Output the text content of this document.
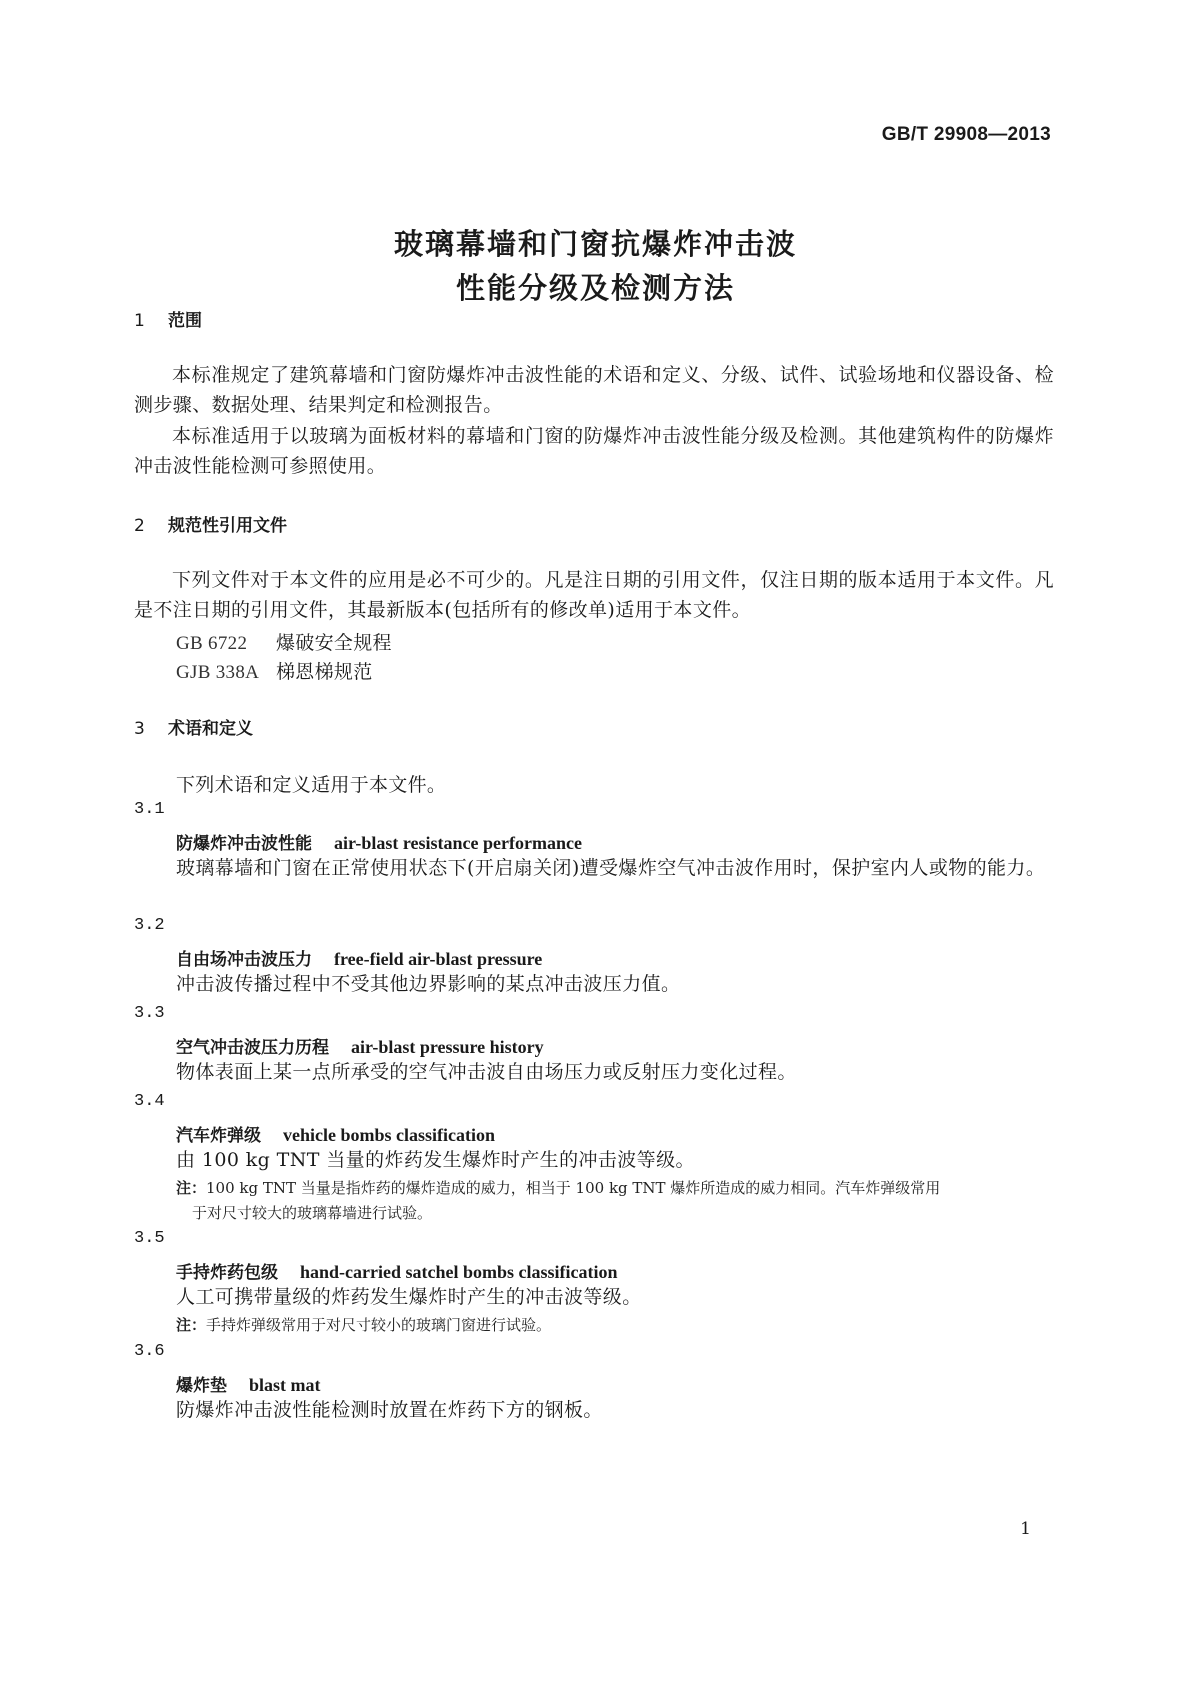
GB/T 29908—2013
玻璃幕墙和门窗抗爆炸冲击波
性能分级及检测方法
1 范围
本标准规定了建筑幕墙和门窗防爆炸冲击波性能的术语和定义、分级、试件、试验场地和仪器设备、检测步骤、数据处理、结果判定和检测报告。
本标准适用于以玻璃为面板材料的幕墙和门窗的防爆炸冲击波性能分级及检测。其他建筑构件的防爆炸冲击波性能检测可参照使用。
2 规范性引用文件
下列文件对于本文件的应用是必不可少的。凡是注日期的引用文件，仅注日期的版本适用于本文件。凡是不注日期的引用文件，其最新版本(包括所有的修改单)适用于本文件。
GB 6722 爆破安全规程
GJB 338A 梯恩梯规范
3 术语和定义
下列术语和定义适用于本文件。
3.1
防爆炸冲击波性能 air-blast resistance performance
玻璃幕墙和门窗在正常使用状态下(开启扇关闭)遭受爆炸空气冲击波作用时，保护室内人或物的能力。
3.2
自由场冲击波压力 free-field air-blast pressure
冲击波传播过程中不受其他边界影响的某点冲击波压力值。
3.3
空气冲击波压力历程 air-blast pressure history
物体表面上某一点所承受的空气冲击波自由场压力或反射压力变化过程。
3.4
汽车炸弹级 vehicle bombs classification
由 100 kg TNT 当量的炸药发生爆炸时产生的冲击波等级。
注：100 kg TNT 当量是指炸药的爆炸造成的威力，相当于 100 kg TNT 爆炸所造成的威力相同。汽车炸弹级常用
于对尺寸较大的玻璃幕墙进行试验。
3.5
手持炸药包级 hand-carried satchel bombs classification
人工可携带量级的炸药发生爆炸时产生的冲击波等级。
注：手持炸弹级常用于对尺寸较小的玻璃门窗进行试验。
3.6
爆炸垫 blast mat
防爆炸冲击波性能检测时放置在炸药下方的钢板。
1
